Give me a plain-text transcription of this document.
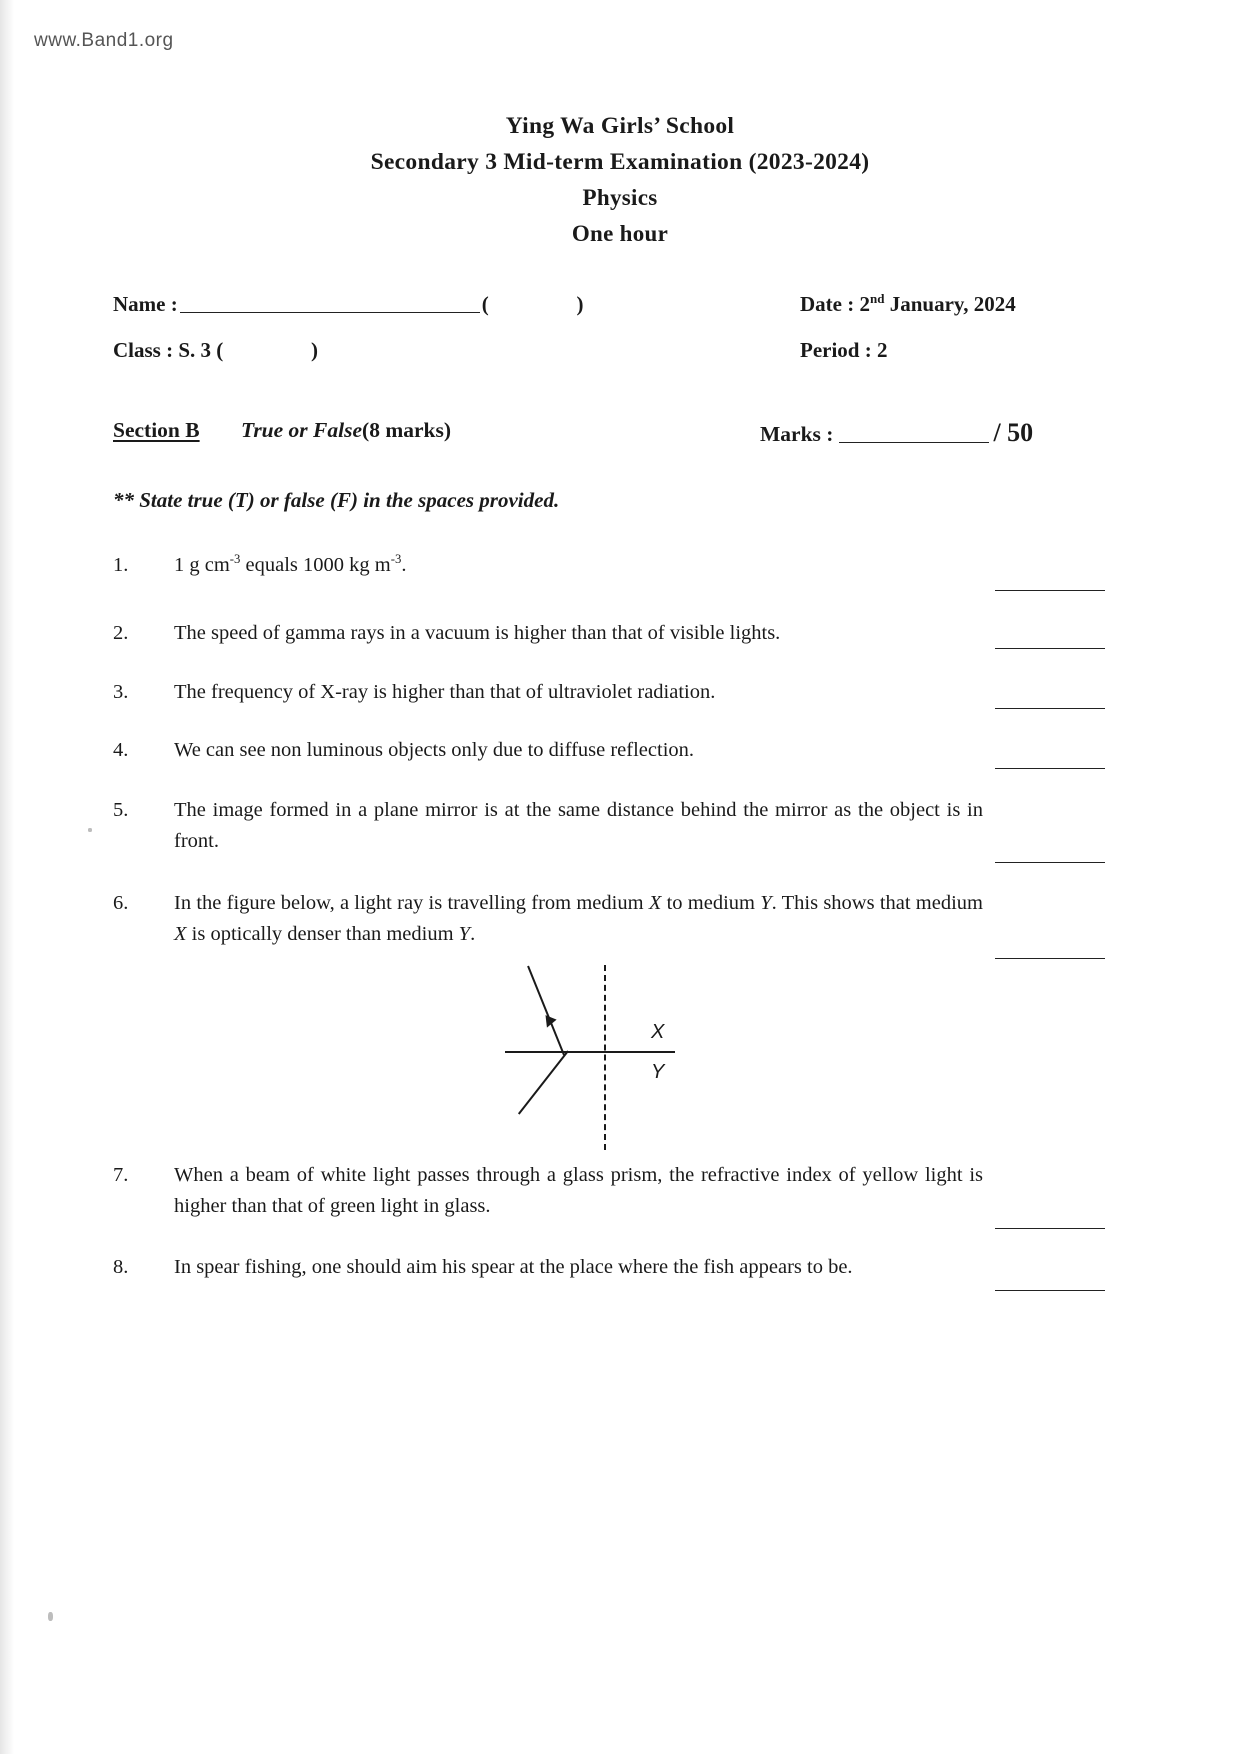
www.Band1.org
Ying Wa Girls’ School
Secondary 3 Mid-term Examination (2023-2024)
Physics
One hour
Name :	(	)
Class : S. 3 (	)
Date : 2nd January, 2024
Period : 2
Section B True or False(8 marks)	Marks :	/ 50
** State true (T) or false (F) in the spaces provided.
1.	1 g $cm^{-3}$ equals 1000 kg $m^{-3}$.
2.	The speed of gamma rays in a vacuum is higher than that of visible lights.
3.	The frequency of X-ray is higher than that of ultraviolet radiation.
4.	We can see non luminous objects only due to diffuse reflection.
5.	The image formed in a plane mirror is at the same distance behind the mirror as the object is in front.
6.	In the figure below, a light ray is travelling from medium X to medium Y. This shows that medium X is optically denser than medium Y.
X
Y
7.	When a beam of white light passes through a glass prism, the refractive index of yellow light is higher than that of green light in glass.
8.	In spear fishing, one should aim his spear at the place where the fish appears to be.
